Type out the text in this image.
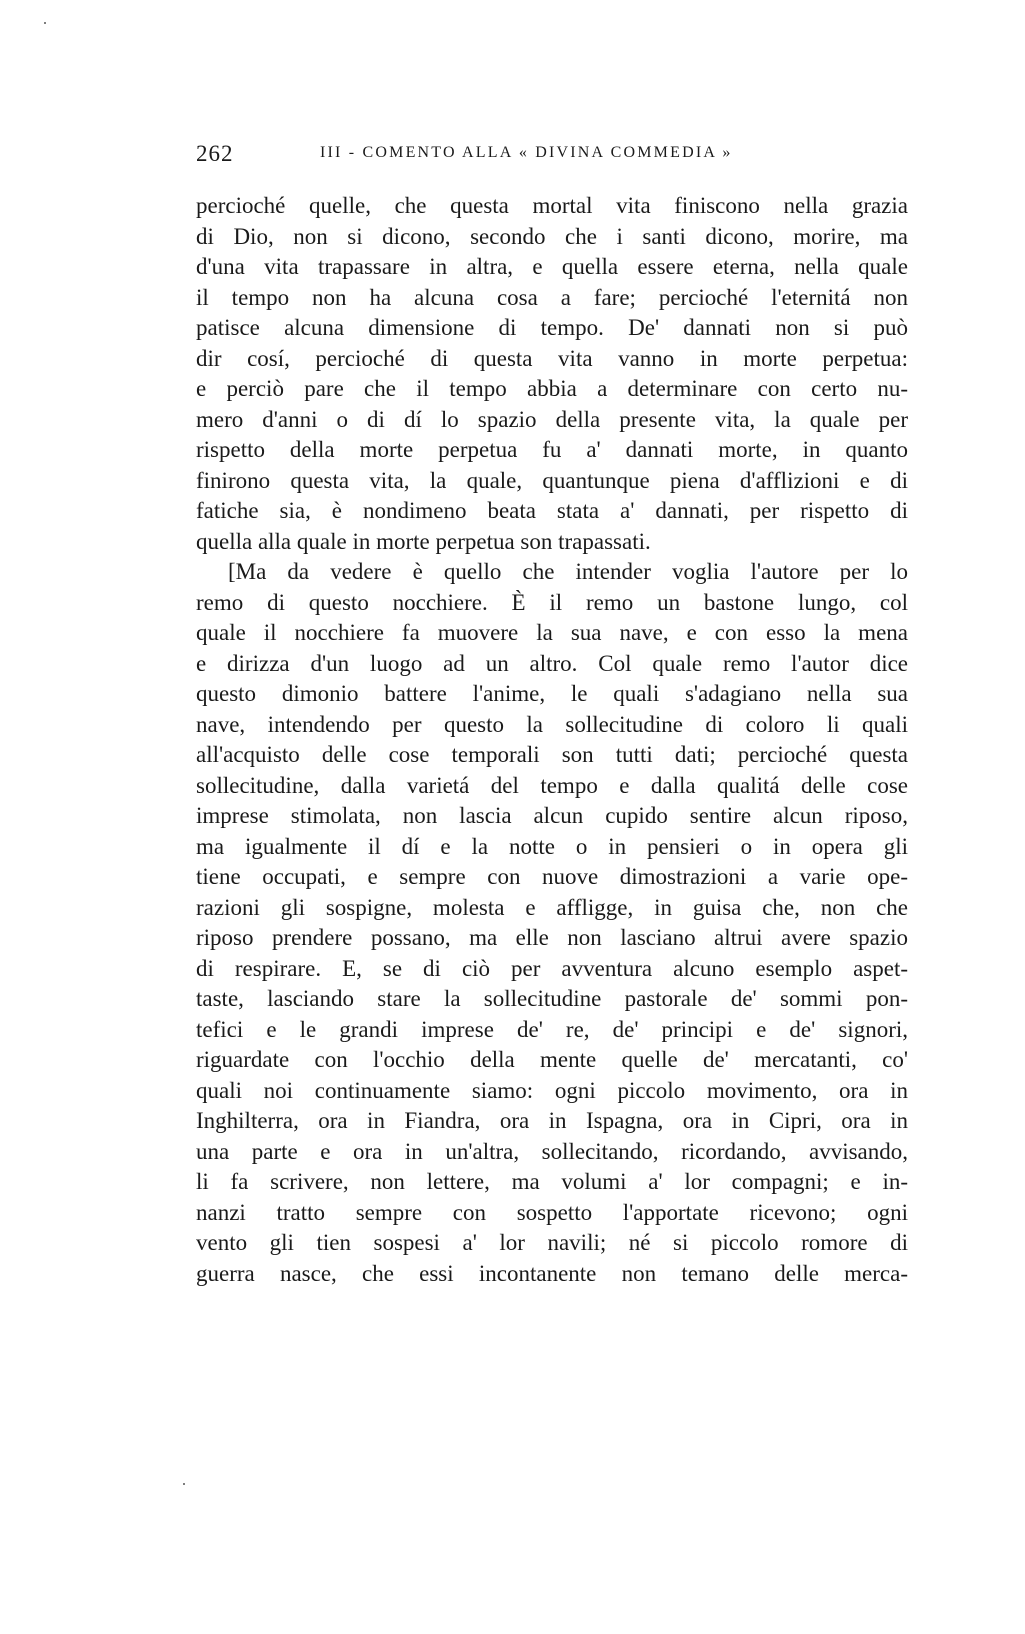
262	III - COMENTO ALLA « DIVINA COMMEDIA »
percioché quelle, che questa mortal vita finiscono nella grazia
di Dio, non si dicono, secondo che i santi dicono, morire, ma
d'una vita trapassare in altra, e quella essere eterna, nella quale
il tempo non ha alcuna cosa a fare; percioché l'eternitá non
patisce alcuna dimensione di tempo. De' dannati non si può
dir cosí, percioché di questa vita vanno in morte perpetua:
e perciò pare che il tempo abbia a determinare con certo nu-
mero d'anni o di dí lo spazio della presente vita, la quale per
rispetto della morte perpetua fu a' dannati morte, in quanto
finirono questa vita, la quale, quantunque piena d'afflizioni e di
fatiche sia, è nondimeno beata stata a' dannati, per rispetto di
quella alla quale in morte perpetua son trapassati.
[Ma da vedere è quello che intender voglia l'autore per lo
remo di questo nocchiere. È il remo un bastone lungo, col
quale il nocchiere fa muovere la sua nave, e con esso la mena
e dirizza d'un luogo ad un altro. Col quale remo l'autor dice
questo dimonio battere l'anime, le quali s'adagiano nella sua
nave, intendendo per questo la sollecitudine di coloro li quali
all'acquisto delle cose temporali son tutti dati; percioché questa
sollecitudine, dalla varietá del tempo e dalla qualitá delle cose
imprese stimolata, non lascia alcun cupido sentire alcun riposo,
ma igualmente il dí e la notte o in pensieri o in opera gli
tiene occupati, e sempre con nuove dimostrazioni a varie ope-
razioni gli sospigne, molesta e affligge, in guisa che, non che
riposo prendere possano, ma elle non lasciano altrui avere spazio
di respirare. E, se di ciò per avventura alcuno esemplo aspet-
taste, lasciando stare la sollecitudine pastorale de' sommi pon-
tefici e le grandi imprese de' re, de' principi e de' signori,
riguardate con l'occhio della mente quelle de' mercatanti, co'
quali noi continuamente siamo: ogni piccolo movimento, ora in
Inghilterra, ora in Fiandra, ora in Ispagna, ora in Cipri, ora in
una parte e ora in un'altra, sollecitando, ricordando, avvisando,
li fa scrivere, non lettere, ma volumi a' lor compagni; e in-
nanzi tratto sempre con sospetto l'apportate ricevono; ogni
vento gli tien sospesi a' lor navili; né si piccolo romore di
guerra nasce, che essi incontanente non temano delle merca-
